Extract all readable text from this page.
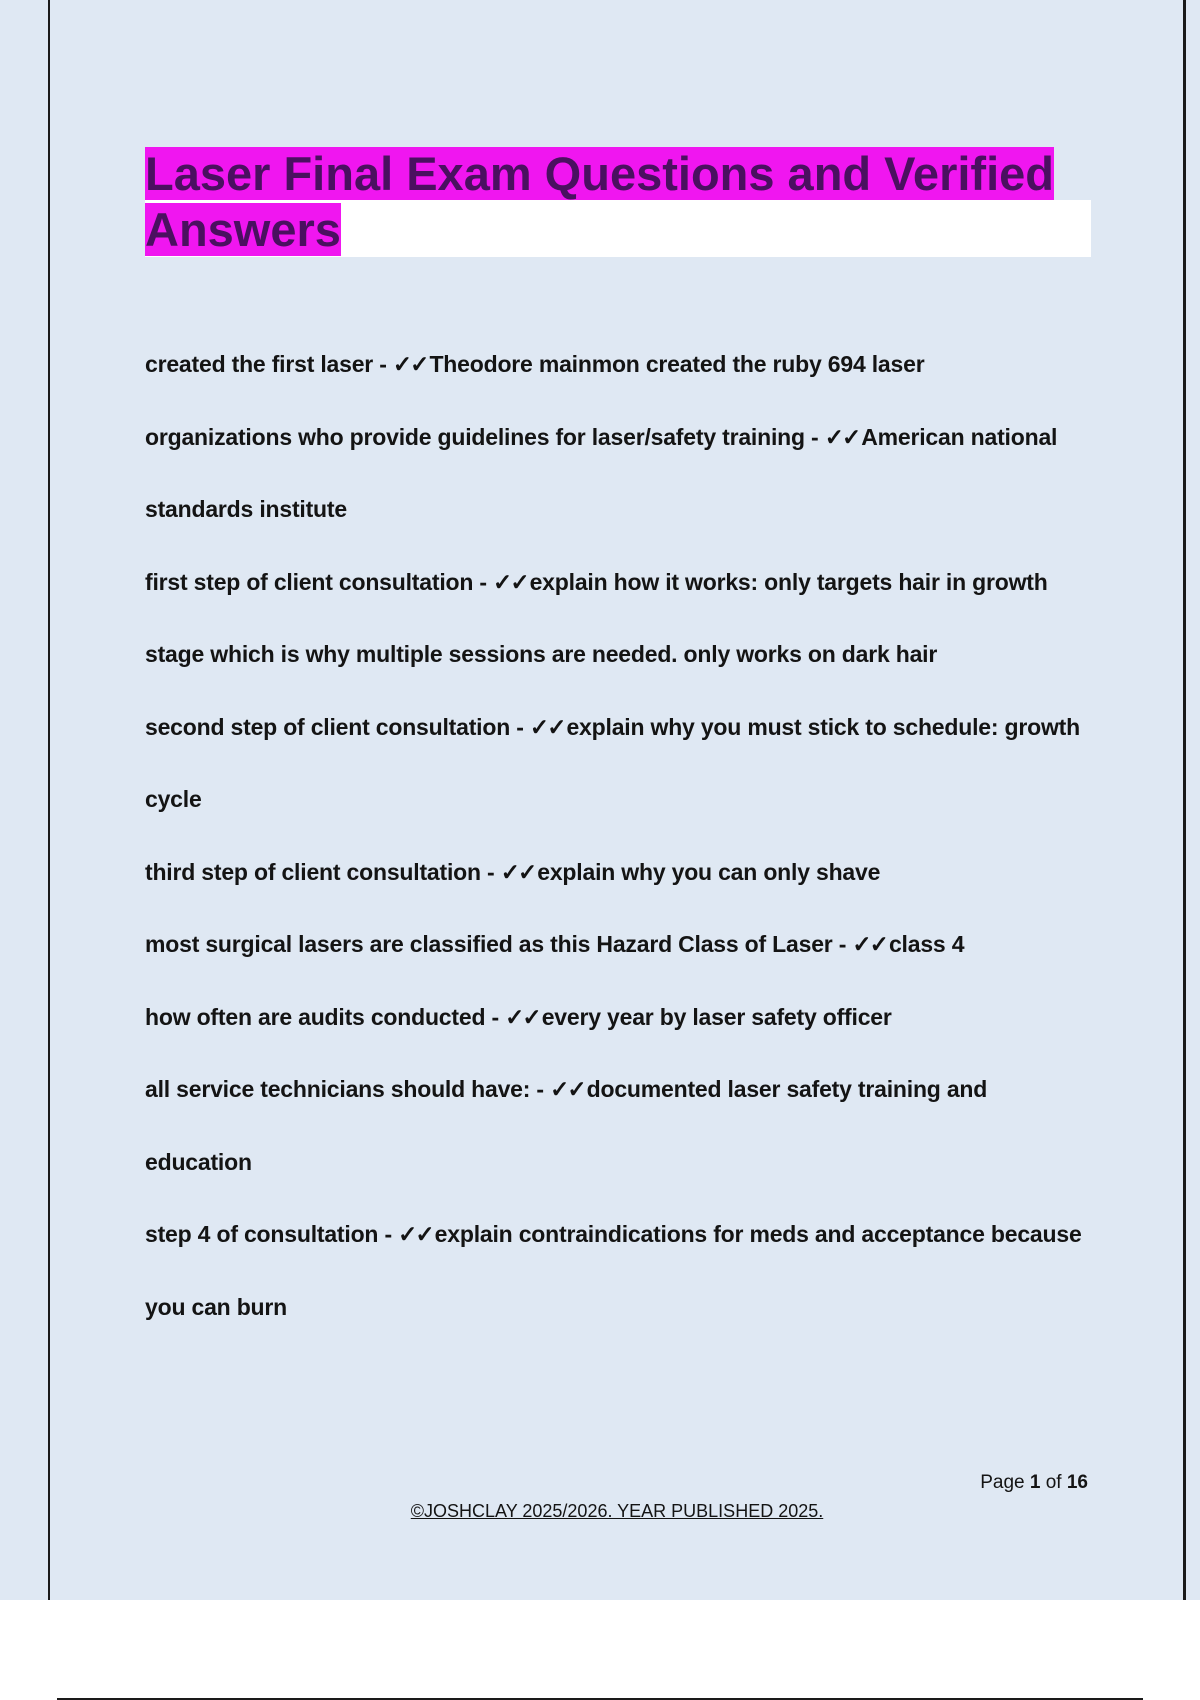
Laser Final Exam Questions and Verified
Answers

created the first laser - ✓✓Theodore mainmon created the ruby 694 laser

organizations who provide guidelines for laser/safety training - ✓✓American national standards institute

first step of client consultation - ✓✓explain how it works: only targets hair in growth stage which is why multiple sessions are needed. only works on dark hair

second step of client consultation - ✓✓explain why you must stick to schedule: growth cycle

third step of client consultation - ✓✓explain why you can only shave

most surgical lasers are classified as this Hazard Class of Laser - ✓✓class 4

how often are audits conducted - ✓✓every year by laser safety officer

all service technicians should have: - ✓✓documented laser safety training and education

step 4 of consultation - ✓✓explain contraindications for meds and acceptance because you can burn

Page 1 of 16
©JOSHCLAY 2025/2026. YEAR PUBLISHED 2025.
